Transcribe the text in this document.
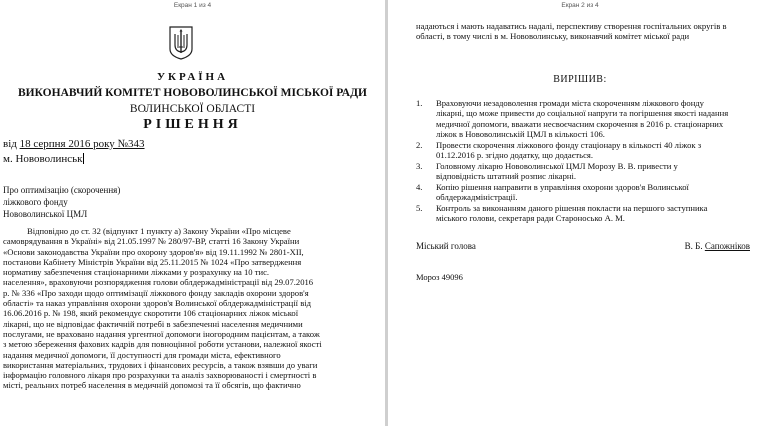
Екран 1 из 4
УКРАЇНА
ВИКОНАВЧИЙ КОМІТЕТ НОВОВОЛИНСЬКОЇ МІСЬКОЇ РАДИ
ВОЛИНСЬКОЇ ОБЛАСТІ
РІШЕННЯ
від 18 серпня 2016 року №343
м. Нововолинськ
Про оптимізацію (скорочення)
ліжкового фонду
Нововолинської ЦМЛ
Відповідно до ст. 32 (відпункт 1 пункту а) Закону України «Про місцеве
самоврядування в Україні» від 21.05.1997 № 280/97-ВР, статті 16 Закону України
«Основи законодавства України про охорону здоров'я» від 19.11.1992 № 2801-XII,
постанови Кабінету Міністрів України від 25.11.2015 № 1024 «Про затвердження
нормативу забезпечення стаціонарними ліжками у розрахунку на 10 тис.
населення», враховуючи розпорядження голови облдержадміністрації від 29.07.2016
р. № 336 «Про заходи щодо оптимізації ліжкового фонду закладів охорони здоров'я
області» та наказ управління охорони здоров'я Волинської облдержадміністрації від
16.06.2016 р. № 198, який рекомендує скоротити 106 стаціонарних ліжок міської
лікарні, що не відповідає фактичній потребі в забезпеченні населення медичними
послугами, не враховано надання ургентної допомоги іногородним пацієнтам, а також
з метою збереження фахових кадрів для повноцінної роботи установи, належної якості
надання медичної допомоги, її доступності для громади міста, ефективного
використання матеріальних, трудових і фінансових ресурсів, а також взявши до уваги
інформацію головного лікаря про розрахунки та аналіз захворюваності і смертності в
місті, реальних потреб населення в медичній допомозі та її обсягів, що фактично
Екран 2 из 4
надаються і мають надаватись надалі, перспективу створення госпітальних округів в
області, в тому числі в м. Нововолинську, виконавчий комітет міської ради
ВИРІШИВ:
1. Враховуючи незадоволення громади міста скороченням ліжкового фонду
лікарні, що може привести до соціальної напруги та погіршення якості надання
медичної допомоги, вважати несвоєчасним скорочення в 2016 р. стаціонарних
ліжок в Нововолинській ЦМЛ в кількості 106.
2. Провести скорочення ліжкового фонду стаціонару в кількості 40 ліжок з
01.12.2016 р. згідно додатку, що додається.
3. Головному лікарю Нововолинської ЦМЛ Морозу В. В. привести у
відповідність штатний розпис лікарні.
4. Копію рішення направити в управління охорони здоров'я Волинської
облдержадміністрації.
5. Контроль за виконанням даного рішення покласти на першого заступника
міського голови, секретаря ради Староносько А. М.
Міський голова	В. Б. Сапожніков
Мороз 49096
